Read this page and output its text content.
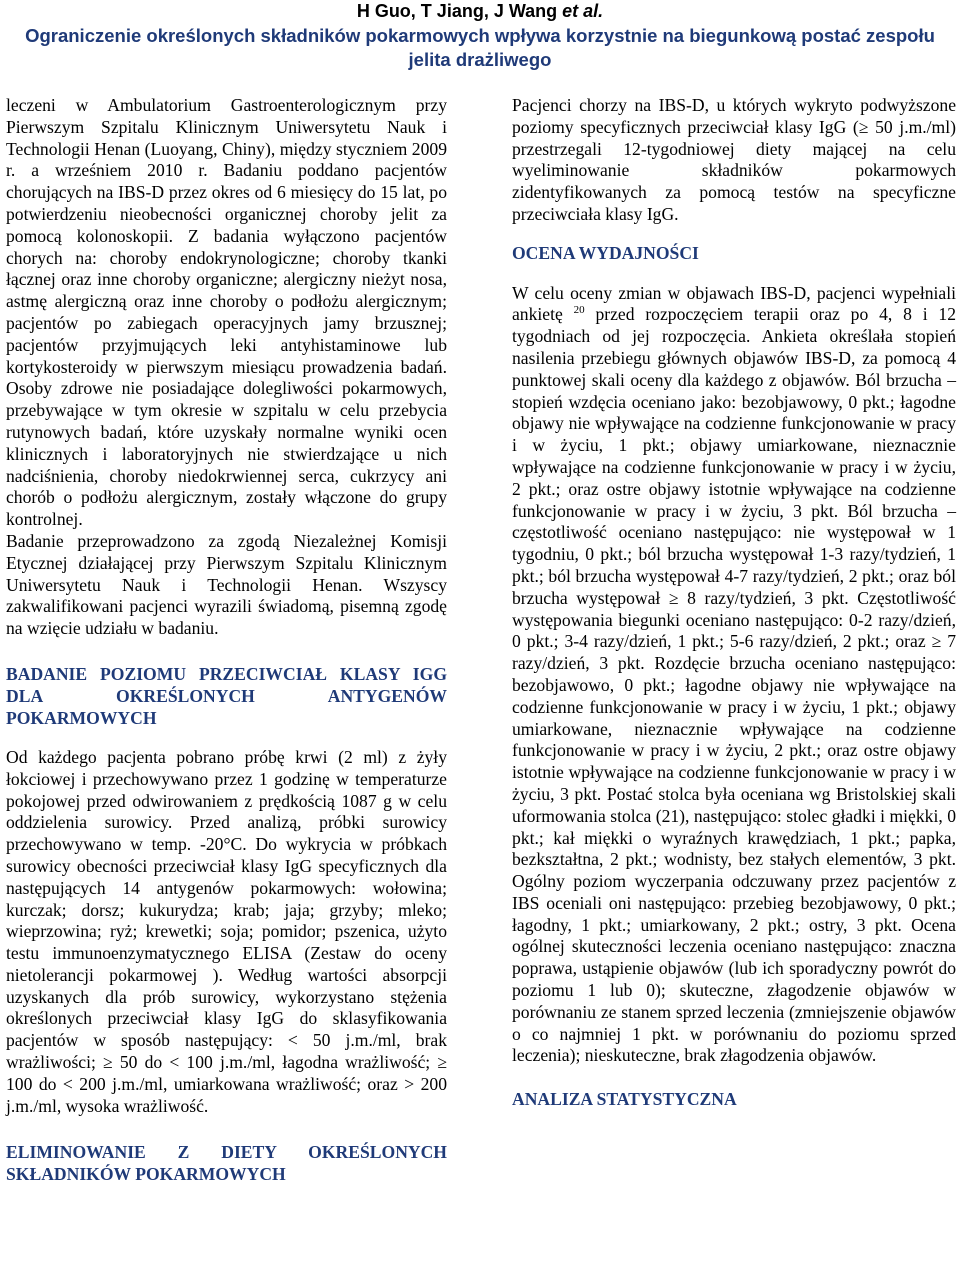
H Guo, T Jiang, J Wang et al.
Ograniczenie określonych składników pokarmowych wpływa korzystnie na biegunkową postać zespołu jelita drażliwego

leczeni w Ambulatorium Gastroenterologicznym przy Pierwszym Szpitalu Klinicznym Uniwersytetu Nauk i Technologii Henan (Luoyang, Chiny), między styczniem 2009 r. a wrześniem 2010 r. Badaniu poddano pacjentów chorujących na IBS-D przez okres od 6 miesięcy do 15 lat, po potwierdzeniu nieobecności organicznej choroby jelit za pomocą kolonoskopii. Z badania wyłączono pacjentów chorych na: choroby endokrynologiczne; choroby tkanki łącznej oraz inne choroby organiczne; alergiczny nieżyt nosa, astmę alergiczną oraz inne choroby o podłożu alergicznym; pacjentów po zabiegach operacyjnych jamy brzusznej; pacjentów przyjmujących leki antyhistaminowe lub kortykosteroidy w pierwszym miesiącu prowadzenia badań. Osoby zdrowe nie posiadające dolegliwości pokarmowych, przebywające w tym okresie w szpitalu w celu przebycia rutynowych badań, które uzyskały normalne wyniki ocen klinicznych i laboratoryjnych nie stwierdzające u nich nadciśnienia, choroby niedokrwiennej serca, cukrzycy ani chorób o podłożu alergicznym, zostały włączone do grupy kontrolnej.

Badanie przeprowadzono za zgodą Niezależnej Komisji Etycznej działającej przy Pierwszym Szpitalu Klinicznym Uniwersytetu Nauk i Technologii Henan. Wszyscy zakwalifikowani pacjenci wyrazili świadomą, pisemną zgodę na wzięcie udziału w badaniu.

BADANIE POZIOMU PRZECIWCIAŁ KLASY IGG DLA OKREŚLONYCH ANTYGENÓW POKARMOWYCH

Od każdego pacjenta pobrano próbę krwi (2 ml) z żyły łokciowej i przechowywano przez 1 godzinę w temperaturze pokojowej przed odwirowaniem z prędkością 1087 g w celu oddzielenia surowicy. Przed analizą, próbki surowicy przechowywano w temp. -20°C. Do wykrycia w próbkach surowicy obecności przeciwciał klasy IgG specyficznych dla następujących 14 antygenów pokarmowych: wołowina; kurczak; dorsz; kukurydza; krab; jaja; grzyby; mleko; wieprzowina; ryż; krewetki; soja; pomidor; pszenica, użyto testu immunoenzymatycznego ELISA (Zestaw do oceny nietolerancji pokarmowej ). Według wartości absorpcji uzyskanych dla prób surowicy, wykorzystano stężenia określonych przeciwciał klasy IgG do sklasyfikowania pacjentów w sposób następujący: < 50 j.m./ml, brak wrażliwości; ≥ 50 do < 100 j.m./ml, łagodna wrażliwość; ≥ 100 do < 200 j.m./ml, umiarkowana wrażliwość; oraz > 200 j.m./ml, wysoka wrażliwość.

ELIMINOWANIE Z DIETY OKREŚLONYCH SKŁADNIKÓW POKARMOWYCH

Pacjenci chorzy na IBS-D, u których wykryto podwyższone poziomy specyficznych przeciwciał klasy IgG (≥ 50 j.m./ml) przestrzegali 12-tygodniowej diety mającej na celu wyeliminowanie składników pokarmowych zidentyfikowanych za pomocą testów na specyficzne przeciwciała klasy IgG.

OCENA WYDAJNOŚCI

W celu oceny zmian w objawach IBS-D, pacjenci wypełniali ankietę $^{20}$ przed rozpoczęciem terapii oraz po 4, 8 i 12 tygodniach od jej rozpoczęcia. Ankieta określała stopień nasilenia przebiegu głównych objawów IBS-D, za pomocą 4 punktowej skali oceny dla każdego z objawów. Ból brzucha – stopień wzdęcia oceniano jako: bezobjawowy, 0 pkt.; łagodne objawy nie wpływające na codzienne funkcjonowanie w pracy i w życiu, 1 pkt.; objawy umiarkowane, nieznacznie wpływające na codzienne funkcjonowanie w pracy i w życiu, 2 pkt.; oraz ostre objawy istotnie wpływające na codzienne funkcjonowanie w pracy i w życiu, 3 pkt. Ból brzucha – częstotliwość oceniano następująco: nie występował w 1 tygodniu, 0 pkt.; ból brzucha występował 1-3 razy/tydzień, 1 pkt.; ból brzucha występował 4-7 razy/tydzień, 2 pkt.; oraz ból brzucha występował ≥ 8 razy/tydzień, 3 pkt. Częstotliwość występowania biegunki oceniano następująco: 0-2 razy/dzień, 0 pkt.; 3-4 razy/dzień, 1 pkt.; 5-6 razy/dzień, 2 pkt.; oraz ≥ 7 razy/dzień, 3 pkt. Rozdęcie brzucha oceniano następująco: bezobjawowo, 0 pkt.; łagodne objawy nie wpływające na codzienne funkcjonowanie w pracy i w życiu, 1 pkt.; objawy umiarkowane, nieznacznie wpływające na codzienne funkcjonowanie w pracy i w życiu, 2 pkt.; oraz ostre objawy istotnie wpływające na codzienne funkcjonowanie w pracy i w życiu, 3 pkt. Postać stolca była oceniana wg Bristolskiej skali uformowania stolca (21), następująco: stolec gładki i miękki, 0 pkt.; kał miękki o wyraźnych krawędziach, 1 pkt.; papka, bezkształtna, 2 pkt.; wodnisty, bez stałych elementów, 3 pkt. Ogólny poziom wyczerpania odczuwany przez pacjentów z IBS oceniali oni następująco: przebieg bezobjawowy, 0 pkt.; łagodny, 1 pkt.; umiarkowany, 2 pkt.; ostry, 3 pkt. Ocena ogólnej skuteczności leczenia oceniano następująco: znaczna poprawa, ustąpienie objawów (lub ich sporadyczny powrót do poziomu 1 lub 0); skuteczne, złagodzenie objawów w porównaniu ze stanem sprzed leczenia (zmniejszenie objawów o co najmniej 1 pkt. w porównaniu do poziomu sprzed leczenia); nieskuteczne, brak złagodzenia objawów.

ANALIZA STATYSTYCZNA
